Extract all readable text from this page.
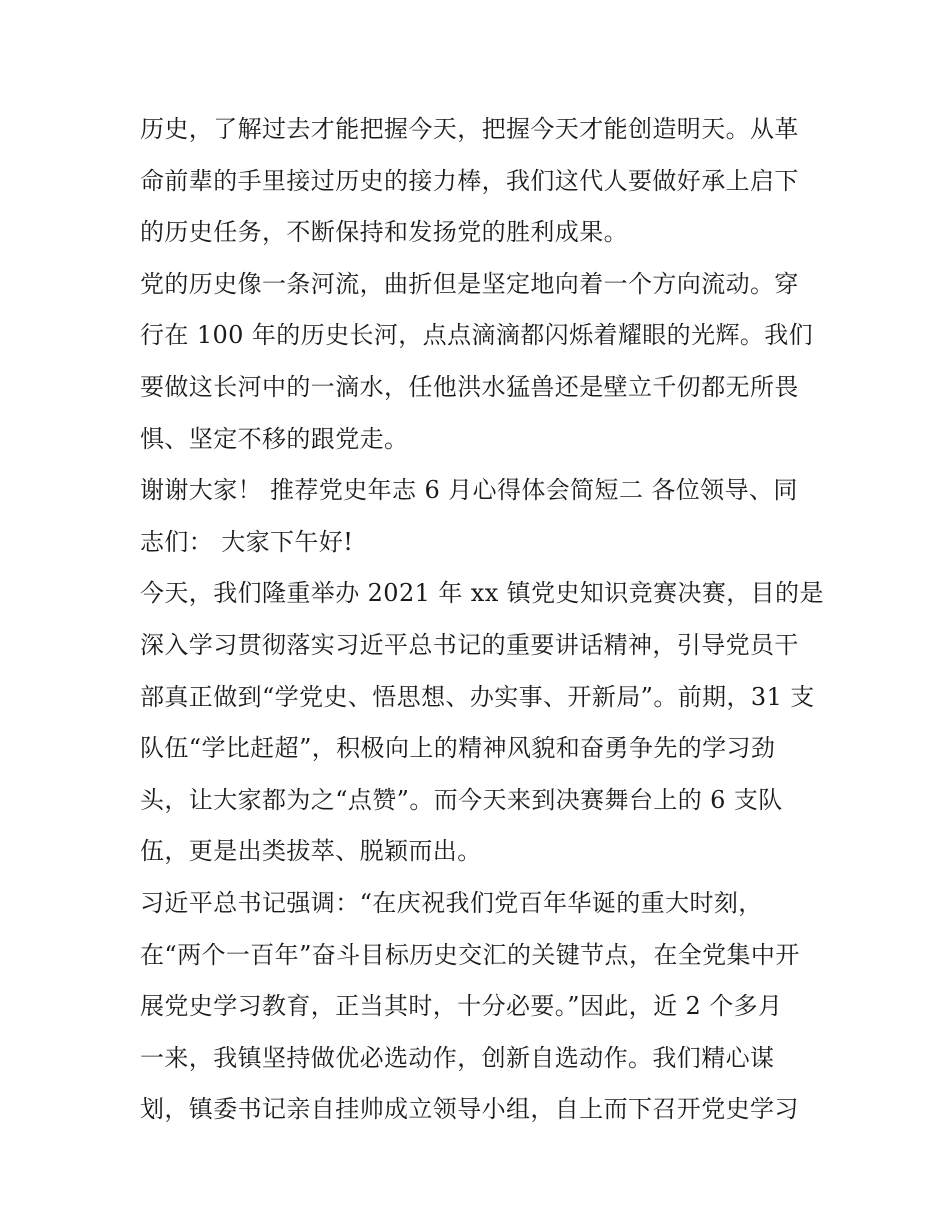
历史，了解过去才能把握今天，把握今天才能创造明天。从革
命前辈的手里接过历史的接力棒，我们这代人要做好承上启下
的历史任务，不断保持和发扬党的胜利成果。

党的历史像一条河流，曲折但是坚定地向着一个方向流动。穿
行在 100 年的历史长河，点点滴滴都闪烁着耀眼的光辉。我们
要做这长河中的一滴水，任他洪水猛兽还是壁立千仞都无所畏
惧、坚定不移的跟党走。

谢谢大家！ 推荐党史年志 6 月心得体会简短二 各位领导、同
志们： 大家下午好!

今天，我们隆重举办 2021 年 xx 镇党史知识竞赛决赛，目的是
深入学习贯彻落实习近平总书记的重要讲话精神，引导党员干
部真正做到“学党史、悟思想、办实事、开新局”。前期，31 支
队伍“学比赶超”，积极向上的精神风貌和奋勇争先的学习劲
头，让大家都为之“点赞”。而今天来到决赛舞台上的 6 支队
伍，更是出类拔萃、脱颖而出。

习近平总书记强调：“在庆祝我们党百年华诞的重大时刻，
在“两个一百年”奋斗目标历史交汇的关键节点，在全党集中开
展党史学习教育，正当其时，十分必要。”因此，近 2 个多月
一来，我镇坚持做优必选动作，创新自选动作。我们精心谋
划，镇委书记亲自挂帅成立领导小组，自上而下召开党史学习
